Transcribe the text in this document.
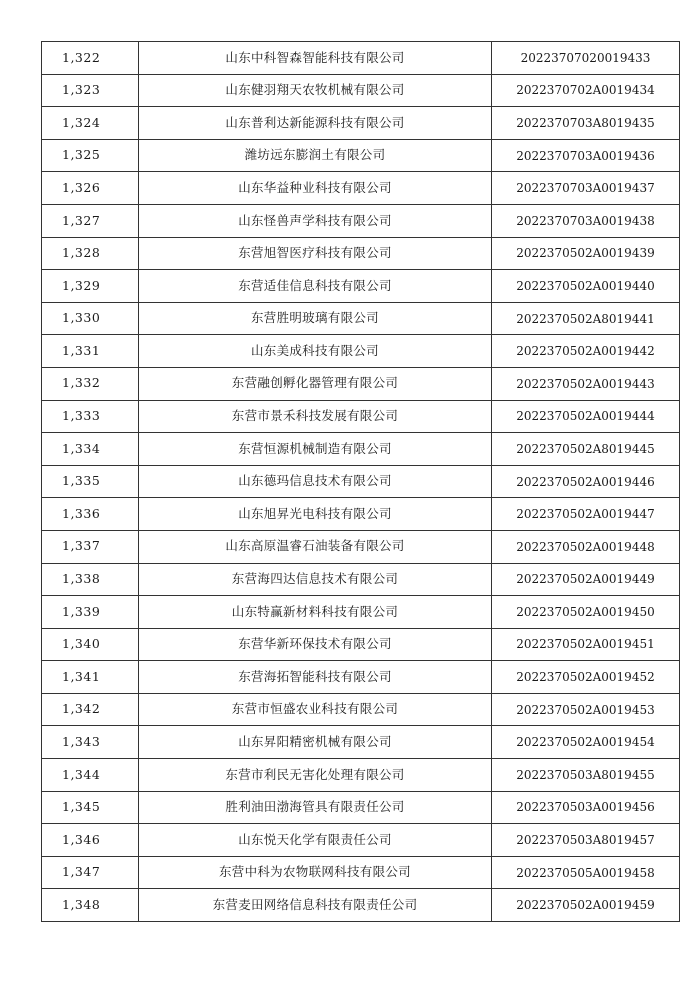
1,322	山东中科智森智能科技有限公司	20223707020019433
1,323	山东健羽翔天农牧机械有限公司	2022370702A0019434
1,324	山东普利达新能源科技有限公司	2022370703A8019435
1,325	潍坊远东膨润土有限公司	2022370703A0019436
1,326	山东华益种业科技有限公司	2022370703A0019437
1,327	山东怪兽声学科技有限公司	2022370703A0019438
1,328	东营旭智医疗科技有限公司	2022370502A0019439
1,329	东营适佳信息科技有限公司	2022370502A0019440
1,330	东营胜明玻璃有限公司	2022370502A8019441
1,331	山东美成科技有限公司	2022370502A0019442
1,332	东营融创孵化器管理有限公司	2022370502A0019443
1,333	东营市景禾科技发展有限公司	2022370502A0019444
1,334	东营恒源机械制造有限公司	2022370502A8019445
1,335	山东德玛信息技术有限公司	2022370502A0019446
1,336	山东旭昇光电科技有限公司	2022370502A0019447
1,337	山东高原温睿石油装备有限公司	2022370502A0019448
1,338	东营海四达信息技术有限公司	2022370502A0019449
1,339	山东特赢新材料科技有限公司	2022370502A0019450
1,340	东营华新环保技术有限公司	2022370502A0019451
1,341	东营海拓智能科技有限公司	2022370502A0019452
1,342	东营市恒盛农业科技有限公司	2022370502A0019453
1,343	山东昇阳精密机械有限公司	2022370502A0019454
1,344	东营市利民无害化处理有限公司	2022370503A8019455
1,345	胜利油田渤海管具有限责任公司	2022370503A0019456
1,346	山东悦天化学有限责任公司	2022370503A8019457
1,347	东营中科为农物联网科技有限公司	2022370505A0019458
1,348	东营麦田网络信息科技有限责任公司	2022370502A0019459
